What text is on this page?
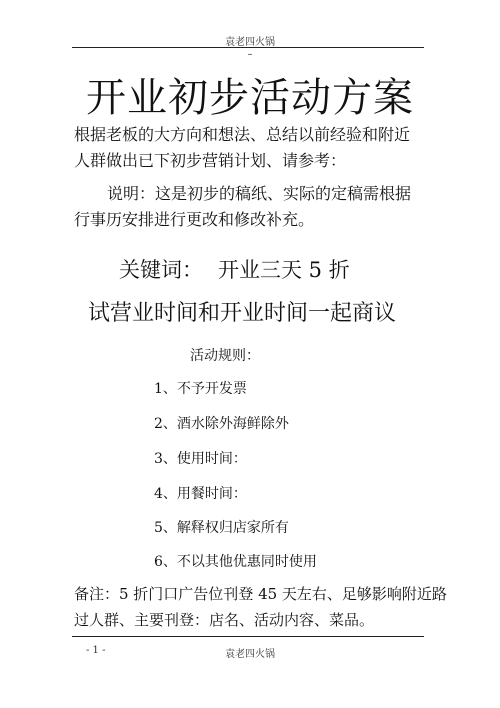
袁老四火锅
–
开业初步活动方案

根据老板的大方向和想法、总结以前经验和附近

人群做出已下初步营销计划、请参考：

说明：这是初步的稿纸、实际的定稿需根据

行事历安排进行更改和修改补充。

关键词： 开业三天 5 折
试营业时间和开业时间一起商议
活动规则：
1、不予开发票
2、酒水除外海鲜除外
3、使用时间：
4、用餐时间：
5、解释权归店家所有
6、不以其他优惠同时使用

备注：5 折门口广告位刊登 45 天左右、足够影响附近路

过人群、主要刊登：店名、活动内容、菜品。

- 1 -	袁老四火锅
